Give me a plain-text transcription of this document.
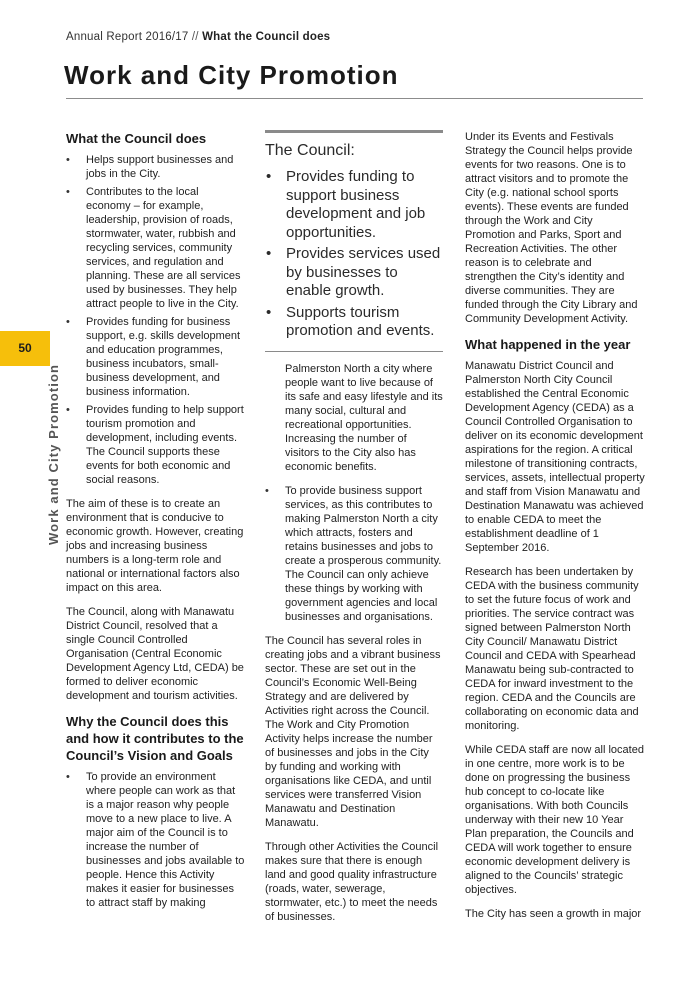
Annual Report 2016/17 // What the Council does
Work and City Promotion
50
Work and City Promotion
What the Council does
• Helps support businesses and jobs in the City.
• Contributes to the local economy – for example, leadership, provision of roads, stormwater, water, rubbish and recycling services, community services, and regulation and planning. These are all services used by businesses. They help attract people to live in the City.
• Provides funding for business support, e.g. skills development and education programmes, business incubators, small-business development, and business information.
• Provides funding to help support tourism promotion and development, including events. The Council supports these events for both economic and social reasons.

The aim of these is to create an environment that is conducive to economic growth. However, creating jobs and increasing business numbers is a long-term role and national or international factors also impact on this area.

The Council, along with Manawatu District Council, resolved that a single Council Controlled Organisation (Central Economic Development Agency Ltd, CEDA) be formed to deliver economic development and tourism activities.

Why the Council does this and how it contributes to the Council’s Vision and Goals
• To provide an environment where people can work as that is a major reason why people move to a new place to live. A major aim of the Council is to increase the number of businesses and jobs available to people. Hence this Activity makes it easier for businesses to attract staff by making
The Council:
• Provides funding to support business development and job opportunities.
• Provides services used by businesses to enable growth.
• Supports tourism promotion and events.

Palmerston North a city where people want to live because of its safe and easy lifestyle and its many social, cultural and recreational opportunities. Increasing the number of visitors to the City also has economic benefits.

• To provide business support services, as this contributes to making Palmerston North a city which attracts, fosters and retains businesses and jobs to create a prosperous community. The Council can only achieve these things by working with government agencies and local businesses and organisations.

The Council has several roles in creating jobs and a vibrant business sector. These are set out in the Council’s Economic Well-Being Strategy and are delivered by Activities right across the Council. The Work and City Promotion Activity helps increase the number of businesses and jobs in the City by funding and working with organisations like CEDA, and until services were transferred Vision Manawatu and Destination Manawatu.

Through other Activities the Council makes sure that there is enough land and good quality infrastructure (roads, water, sewerage, stormwater, etc.) to meet the needs of businesses.

Under its Events and Festivals Strategy the Council helps provide events for two reasons. One is to attract visitors and to promote the City (e.g. national school sports events). These events are funded through the Work and City Promotion and Parks, Sport and Recreation Activities. The other reason is to celebrate and strengthen the City’s identity and diverse communities. They are funded through the City Library and Community Development Activity.

What happened in the year

Manawatu District Council and Palmerston North City Council established the Central Economic Development Agency (CEDA) as a Council Controlled Organisation to deliver on its economic development aspirations for the region. A critical milestone of transitioning contracts, services, assets, intellectual property and staff from Vision Manawatu and Destination Manawatu was achieved to enable CEDA to meet the establishment deadline of 1 September 2016.

Research has been undertaken by CEDA with the business community to set the future focus of work and priorities. The service contract was signed between Palmerston North City Council/ Manawatu District Council and CEDA with Spearhead Manawatu being sub-contracted to CEDA for inward investment to the region. CEDA and the Councils are collaborating on economic data and monitoring.

While CEDA staff are now all located in one centre, more work is to be done on progressing the business hub concept to co-locate like organisations. With both Councils underway with their new 10 Year Plan preparation, the Councils and CEDA will work together to ensure economic development delivery is aligned to the Councils’ strategic objectives.

The City has seen a growth in major
